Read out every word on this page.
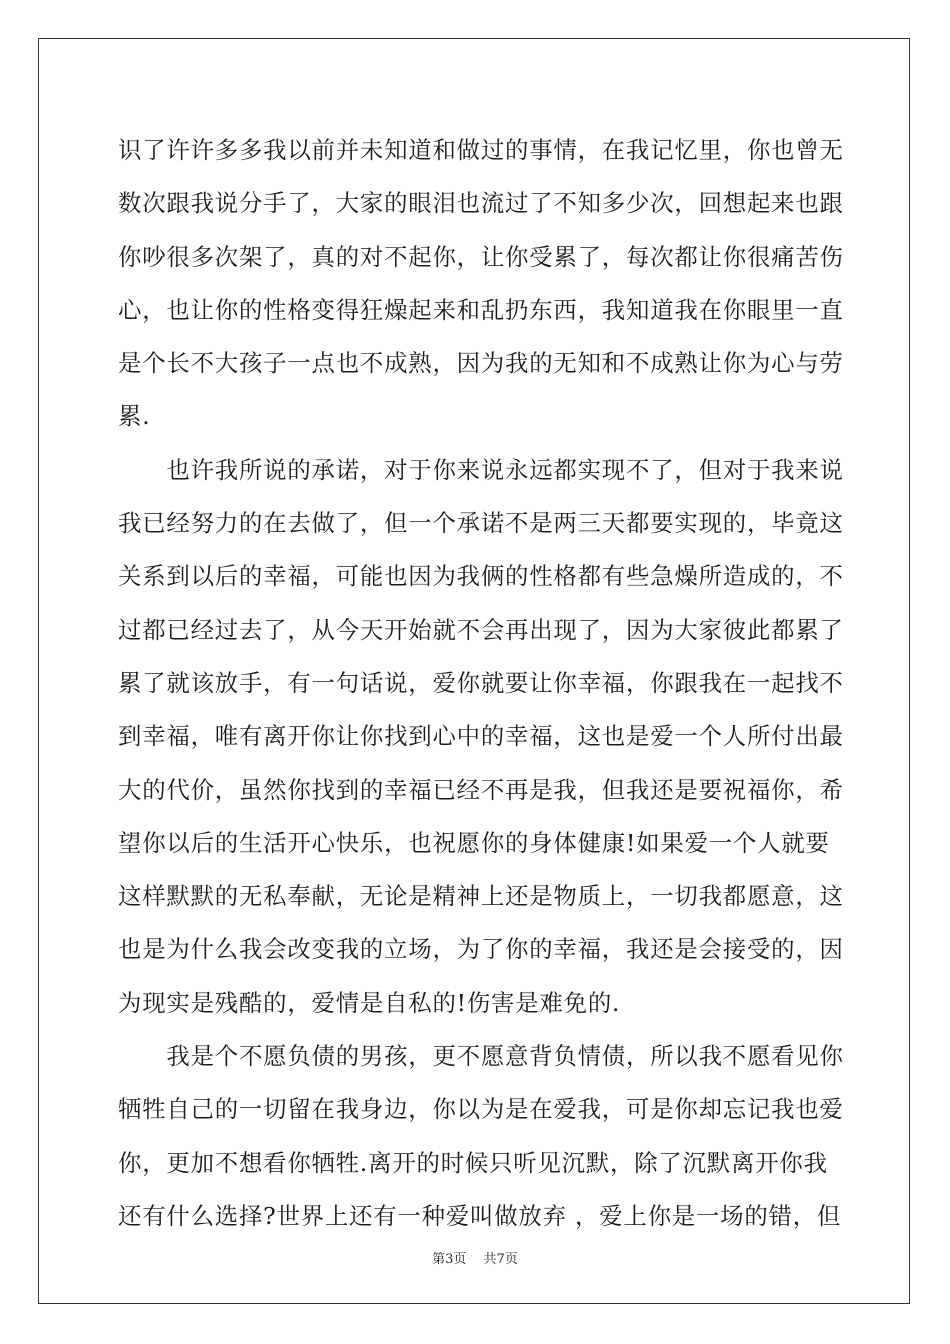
识了许许多多我以前并未知道和做过的事情，在我记忆里，你也曾无
数次跟我说分手了，大家的眼泪也流过了不知多少次，回想起来也跟
你吵很多次架了，真的对不起你，让你受累了，每次都让你很痛苦伤
心，也让你的性格变得狂燥起来和乱扔东西，我知道我在你眼里一直
是个长不大孩子一点也不成熟，因为我的无知和不成熟让你为心与劳
累.
　　也许我所说的承诺，对于你来说永远都实现不了，但对于我来说
我已经努力的在去做了，但一个承诺不是两三天都要实现的，毕竟这
关系到以后的幸福，可能也因为我俩的性格都有些急燥所造成的，不
过都已经过去了，从今天开始就不会再出现了，因为大家彼此都累了
累了就该放手，有一句话说，爱你就要让你幸福，你跟我在一起找不
到幸福，唯有离开你让你找到心中的幸福，这也是爱一个人所付出最
大的代价，虽然你找到的幸福已经不再是我，但我还是要祝福你，希
望你以后的生活开心快乐，也祝愿你的身体健康!如果爱一个人就要
这样默默的无私奉献，无论是精神上还是物质上，一切我都愿意，这
也是为什么我会改变我的立场，为了你的幸福，我还是会接受的，因
为现实是残酷的，爱情是自私的!伤害是难免的.
　　我是个不愿负债的男孩，更不愿意背负情债，所以我不愿看见你
牺牲自己的一切留在我身边，你以为是在爱我，可是你却忘记我也爱
你，更加不想看你牺牲.离开的时候只听见沉默，除了沉默离开你我
还有什么选择?世界上还有一种爱叫做放弃 ，爱上你是一场的错，但
第3页　 共7页
